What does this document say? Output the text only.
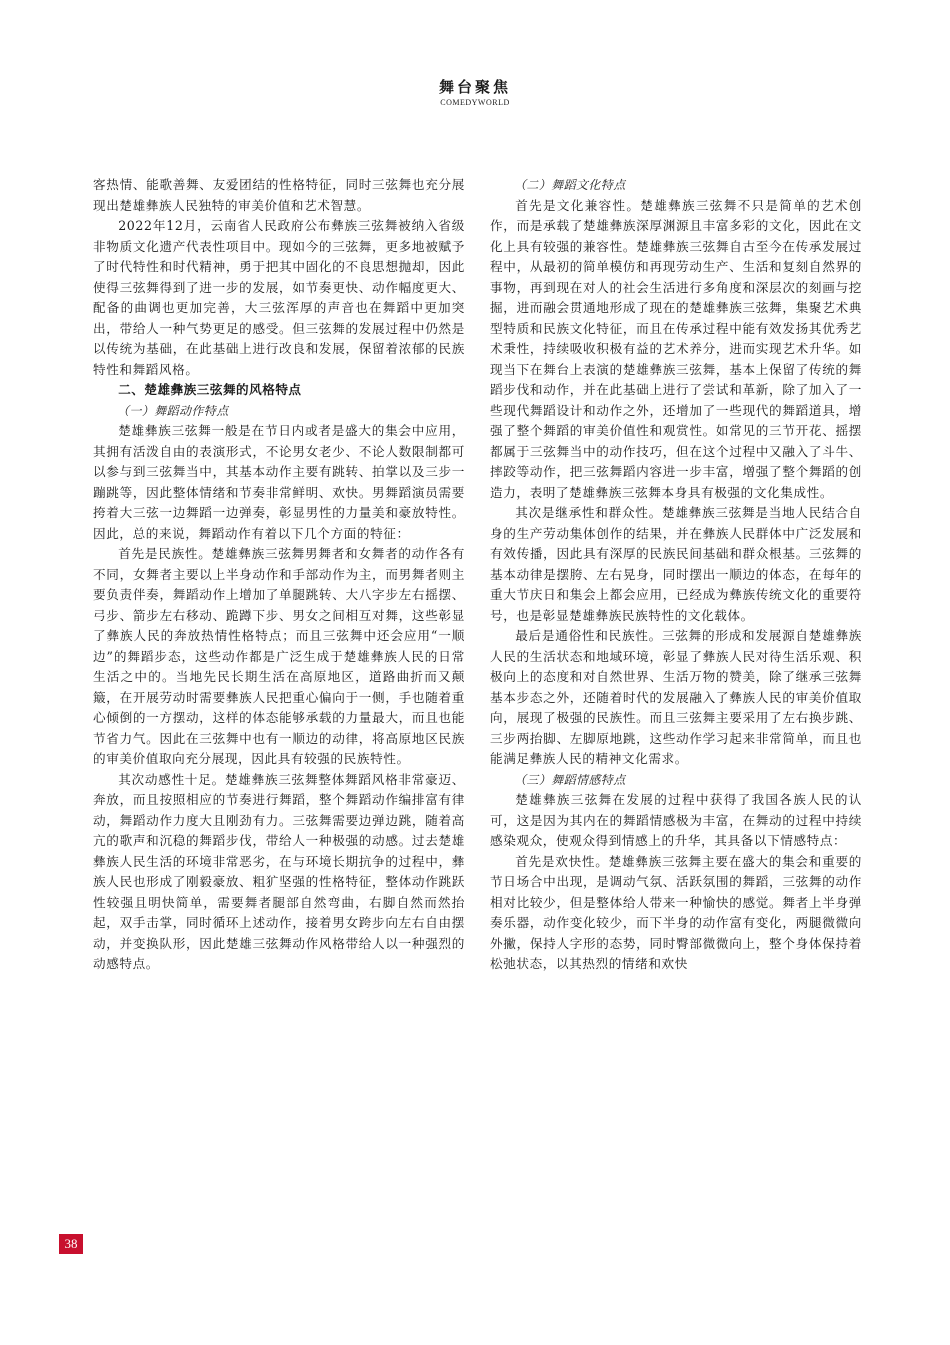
舞台聚焦
COMEDYWORLD

客热情、能歌善舞、友爱团结的性格特征，同时三弦舞也充分展现出楚雄彝族人民独特的审美价值和艺术智慧。

2022年12月，云南省人民政府公布彝族三弦舞被纳入省级非物质文化遗产代表性项目中。现如今的三弦舞，更多地被赋予了时代特性和时代精神，勇于把其中固化的不良思想抛却，因此使得三弦舞得到了进一步的发展，如节奏更快、动作幅度更大、配备的曲调也更加完善，大三弦浑厚的声音也在舞蹈中更加突出，带给人一种气势更足的感受。但三弦舞的发展过程中仍然是以传统为基础，在此基础上进行改良和发展，保留着浓郁的民族特性和舞蹈风格。

二、楚雄彝族三弦舞的风格特点

（一）舞蹈动作特点

楚雄彝族三弦舞一般是在节日内或者是盛大的集会中应用，其拥有活泼自由的表演形式，不论男女老少、不论人数限制都可以参与到三弦舞当中，其基本动作主要有跳转、拍掌以及三步一蹦跳等，因此整体情绪和节奏非常鲜明、欢快。男舞蹈演员需要挎着大三弦一边舞蹈一边弹奏，彰显男性的力量美和豪放特性。因此，总的来说，舞蹈动作有着以下几个方面的特征：

首先是民族性。楚雄彝族三弦舞男舞者和女舞者的动作各有不同，女舞者主要以上半身动作和手部动作为主，而男舞者则主要负责伴奏，舞蹈动作上增加了单腿跳转、大八字步左右摇摆、弓步、箭步左右移动、跪蹲下步、男女之间相互对舞，这些彰显了彝族人民的奔放热情性格特点；而且三弦舞中还会应用“一顺边”的舞蹈步态，这些动作都是广泛生成于楚雄彝族人民的日常生活之中的。当地先民长期生活在高原地区，道路曲折而又颠簸，在开展劳动时需要彝族人民把重心偏向于一侧，手也随着重心倾倒的一方摆动，这样的体态能够承载的力量最大，而且也能节省力气。因此在三弦舞中也有一顺边的动律，将高原地区民族的审美价值取向充分展现，因此具有较强的民族特性。

其次动感性十足。楚雄彝族三弦舞整体舞蹈风格非常豪迈、奔放，而且按照相应的节奏进行舞蹈，整个舞蹈动作编排富有律动，舞蹈动作力度大且刚劲有力。三弦舞需要边弹边跳，随着高亢的歌声和沉稳的舞蹈步伐，带给人一种极强的动感。过去楚雄彝族人民生活的环境非常恶劣，在与环境长期抗争的过程中，彝族人民也形成了刚毅豪放、粗犷坚强的性格特征，整体动作跳跃性较强且明快简单，需要舞者腿部自然弯曲，右脚自然而然抬起，双手击掌，同时循环上述动作，接着男女跨步向左右自由摆动，并变换队形，因此楚雄三弦舞动作风格带给人以一种强烈的动感特点。

（二）舞蹈文化特点

首先是文化兼容性。楚雄彝族三弦舞不只是简单的艺术创作，而是承载了楚雄彝族深厚渊源且丰富多彩的文化，因此在文化上具有较强的兼容性。楚雄彝族三弦舞自古至今在传承发展过程中，从最初的简单模仿和再现劳动生产、生活和复刻自然界的事物，再到现在对人的社会生活进行多角度和深层次的刻画与挖掘，进而融会贯通地形成了现在的楚雄彝族三弦舞，集聚艺术典型特质和民族文化特征，而且在传承过程中能有效发扬其优秀艺术秉性，持续吸收积极有益的艺术养分，进而实现艺术升华。如现当下在舞台上表演的楚雄彝族三弦舞，基本上保留了传统的舞蹈步伐和动作，并在此基础上进行了尝试和革新，除了加入了一些现代舞蹈设计和动作之外，还增加了一些现代的舞蹈道具，增强了整个舞蹈的审美价值性和观赏性。如常见的三节开花、摇摆都属于三弦舞当中的动作技巧，但在这个过程中又融入了斗牛、摔跤等动作，把三弦舞蹈内容进一步丰富，增强了整个舞蹈的创造力，表明了楚雄彝族三弦舞本身具有极强的文化集成性。

其次是继承性和群众性。楚雄彝族三弦舞是当地人民结合自身的生产劳动集体创作的结果，并在彝族人民群体中广泛发展和有效传播，因此具有深厚的民族民间基础和群众根基。三弦舞的基本动律是摆胯、左右晃身，同时摆出一顺边的体态，在每年的重大节庆日和集会上都会应用，已经成为彝族传统文化的重要符号，也是彰显楚雄彝族民族特性的文化载体。

最后是通俗性和民族性。三弦舞的形成和发展源自楚雄彝族人民的生活状态和地域环境，彰显了彝族人民对待生活乐观、积极向上的态度和对自然世界、生活万物的赞美，除了继承三弦舞基本步态之外，还随着时代的发展融入了彝族人民的审美价值取向，展现了极强的民族性。而且三弦舞主要采用了左右换步跳、三步两抬脚、左脚原地跳，这些动作学习起来非常简单，而且也能满足彝族人民的精神文化需求。

（三）舞蹈情感特点

楚雄彝族三弦舞在发展的过程中获得了我国各族人民的认可，这是因为其内在的舞蹈情感极为丰富，在舞动的过程中持续感染观众，使观众得到情感上的升华，其具备以下情感特点：

首先是欢快性。楚雄彝族三弦舞主要在盛大的集会和重要的节日场合中出现，是调动气氛、活跃氛围的舞蹈，三弦舞的动作相对比较少，但是整体给人带来一种愉快的感觉。舞者上半身弹奏乐器，动作变化较少，而下半身的动作富有变化，两腿微微向外撇，保持人字形的态势，同时臀部微微向上，整个身体保持着松弛状态，以其热烈的情绪和欢快

38
